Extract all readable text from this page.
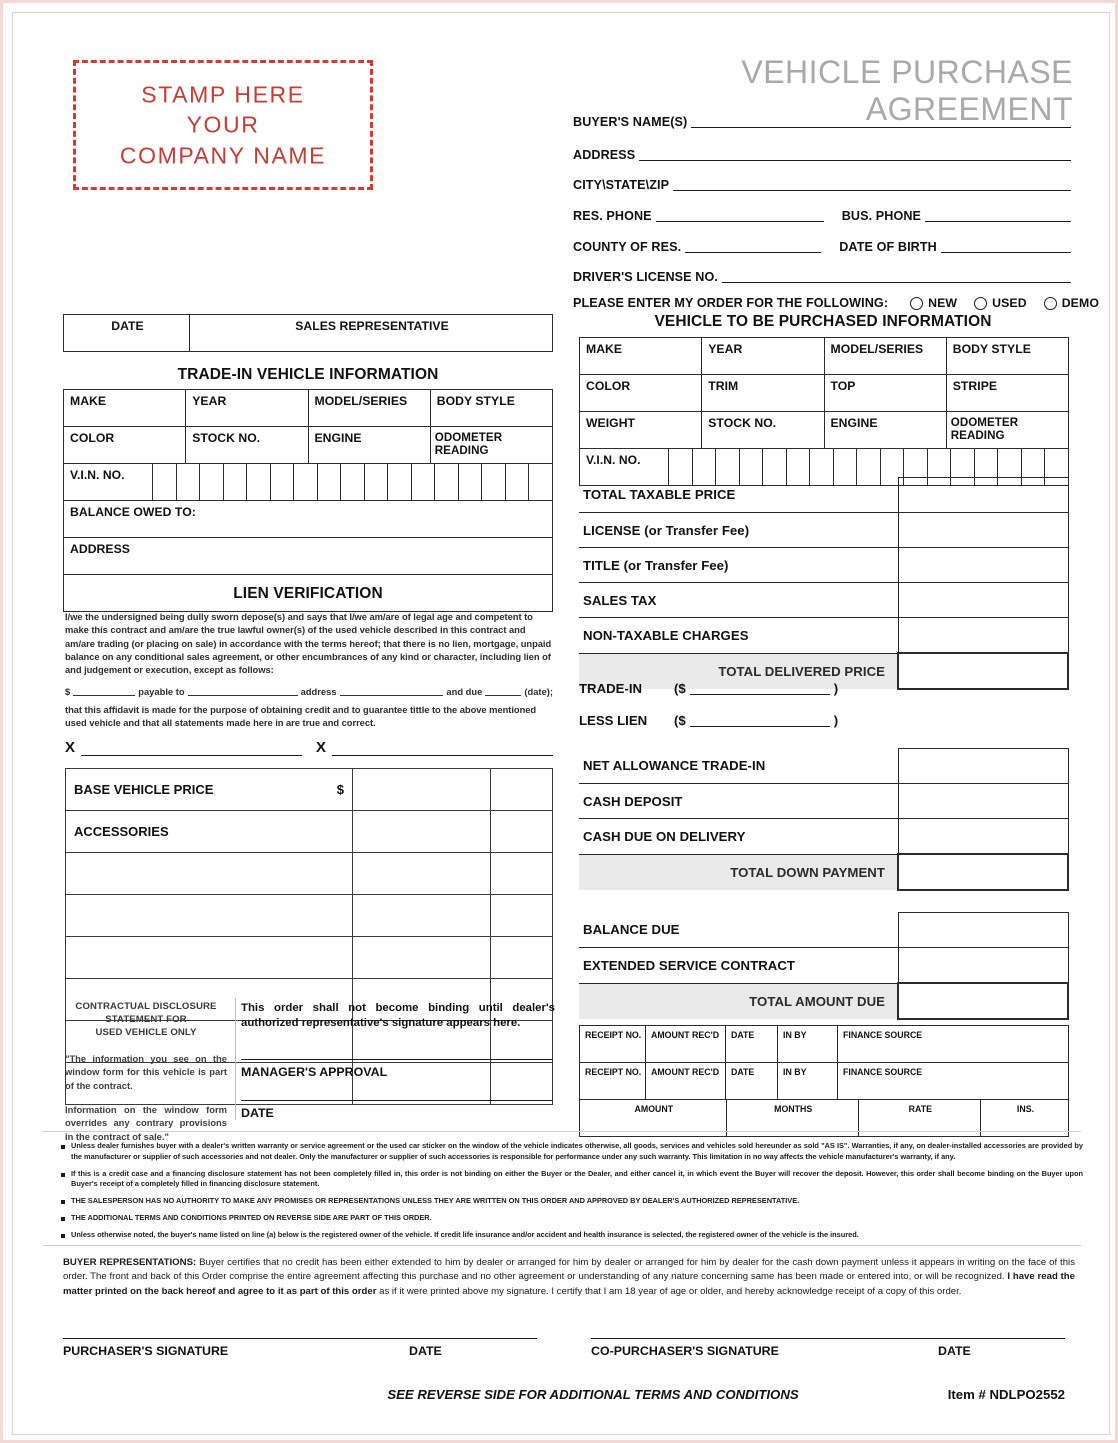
STAMP HERE
YOUR
COMPANY NAME
VEHICLE PURCHASE AGREEMENT
BUYER'S NAME(S)
ADDRESS
CITY\STATE\ZIP
RES. PHONE	BUS. PHONE
COUNTY OF RES.	DATE OF BIRTH
DRIVER'S LICENSE NO.
PLEASE ENTER MY ORDER FOR THE FOLLOWING:	NEW	USED	DEMO
VEHICLE TO BE PURCHASED INFORMATION
MAKE	YEAR	MODEL/SERIES	BODY STYLE
COLOR	TRIM	TOP	STRIPE
WEIGHT	STOCK NO.	ENGINE	ODOMETER READING
V.I.N. NO.																	
TOTAL TAXABLE PRICE	
LICENSE (or Transfer Fee)	
TITLE (or Transfer Fee)	
SALES TAX	
NON-TAXABLE CHARGES	
TOTAL DELIVERED PRICE	
TRADE-IN	($	)
LESS LIEN	($	)
NET ALLOWANCE TRADE-IN	
CASH DEPOSIT	
CASH DUE ON DELIVERY	
TOTAL DOWN PAYMENT	
BALANCE DUE	
EXTENDED SERVICE CONTRACT	
TOTAL AMOUNT DUE	
RECEIPT NO.	AMOUNT REC'D	DATE	IN BY	FINANCE SOURCE
RECEIPT NO.	AMOUNT REC'D	DATE	IN BY	FINANCE SOURCE
AMOUNT	MONTHS	RATE	INS.
DATE	SALES REPRESENTATIVE
TRADE-IN VEHICLE INFORMATION
MAKE	YEAR	MODEL/SERIES	BODY STYLE
COLOR	STOCK NO.	ENGINE	ODOMETER READING
V.I.N. NO.																	
BALANCE OWED TO:
ADDRESS

LIEN VERIFICATION
I/we the undersigned being dully sworn depose(s) and says that I/we am/are of legal age and competent to make this contract and am/are the true lawful owner(s) of the used vehicle described in this contract and am/are trading (or placing on sale) in accordance with the terms hereof; that there is no lien, mortgage, unpaid balance on any conditional sales agreement, or other encumbrances of any kind or character, including lien of and judgement or execution, except as follows:
$	payable to	address	and due	(date);
that this affidavit is made for the purpose of obtaining credit and to guarantee tittle to the above mentioned used vehicle and that all statements made here in are true and correct.
X	X
BASE VEHICLE PRICE $		

ACCESSORIES		

CONTRACTUAL DISCLOSURE
STATEMENT FOR
USED VEHICLE ONLY
"The information you see on the window form for this vehicle is part of the contract.
Information on the window form overrides any contrary provisions in the contract of sale."
This order shall not become binding until dealer's authorized representative's signature appears here.
MANAGER'S APPROVAL
DATE
Unless dealer furnishes buyer with a dealer's written warranty or service agreement or the used car sticker on the window of the vehicle indicates otherwise, all goods, services and vehicles sold hereunder as sold "AS IS". Warranties, if any, on dealer-installed accessories are provided by the manufacturer or supplier of such accessories and not dealer. Only the manufacturer or supplier of such accessories is responsible for performance under any such warranty. This limitation in no way affects the vehicle manufacturer's warranty, if any.
If this is a credit case and a financing disclosure statement has not been completely filled in, this order is not binding on either the Buyer or the Dealer, and either cancel it, in which event the Buyer will recover the deposit. However, this order shall become binding on the Buyer upon Buyer's receipt of a completely filled in financing disclosure statement.
THE SALESPERSON HAS NO AUTHORITY TO MAKE ANY PROMISES OR REPRESENTATIONS UNLESS THEY ARE WRITTEN ON THIS ORDER AND APPROVED BY DEALER'S AUTHORIZED REPRESENTATIVE.
THE ADDITIONAL TERMS AND CONDITIONS PRINTED ON REVERSE SIDE ARE PART OF THIS ORDER.
Unless otherwise noted, the buyer's name listed on line (a) below is the registered owner of the vehicle. If credit life insurance and/or accident and health insurance is selected, the registered owner of the vehicle is the insured.
BUYER REPRESENTATIONS: Buyer certifies that no credit has been either extended to him by dealer or arranged for him by dealer or arranged for him by dealer for the cash down payment unless it appears in writing on the face of this order. The front and back of this Order comprise the entire agreement affecting this purchase and no other agreement or understanding of any nature concerning same has been made or entered into, or will be recognized. I have read the matter printed on the back hereof and agree to it as part of this order as if it were printed above my signature. I certify that I am 18 year of age or older, and hereby acknowledge receipt of a copy of this order.
PURCHASER'S SIGNATURE	DATE	CO-PURCHASER'S SIGNATURE	DATE
SEE REVERSE SIDE FOR ADDITIONAL TERMS AND CONDITIONS	Item # NDLPO2552
